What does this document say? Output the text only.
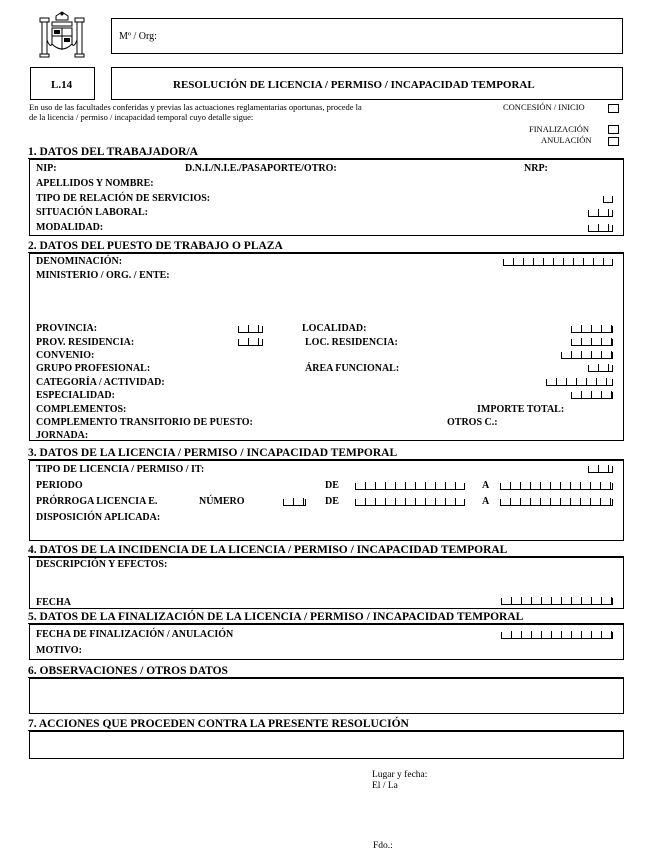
Mº / Org:
L.14	RESOLUCIÓN DE LICENCIA / PERMISO / INCAPACIDAD TEMPORAL
En uso de las facultades conferidas y previas las actuaciones reglamentarias oportunas, procede la
de la licencia / permiso / incapacidad temporal cuyo detalle sigue:
CONCESIÓN / INICIO
FINALIZACIÓN
ANULACIÓN
1. DATOS DEL TRABAJADOR/A
NIP:	D.N.I./N.I.E./PASAPORTE/OTRO:	NRP:
APELLIDOS Y NOMBRE:
TIPO DE RELACIÓN DE SERVICIOS:
SITUACIÓN LABORAL:
MODALIDAD:
2. DATOS DEL PUESTO DE TRABAJO O PLAZA
DENOMINACIÓN:
MINISTERIO / ORG. / ENTE:
PROVINCIA:	LOCALIDAD:
PROV. RESIDENCIA:	LOC. RESIDENCIA:
CONVENIO:
GRUPO PROFESIONAL:	ÁREA FUNCIONAL:
CATEGORÍA / ACTIVIDAD:
ESPECIALIDAD:
COMPLEMENTOS:	IMPORTE TOTAL:
COMPLEMENTO TRANSITORIO DE PUESTO:	OTROS C.:
JORNADA:
3. DATOS DE LA LICENCIA / PERMISO / INCAPACIDAD TEMPORAL
TIPO DE LICENCIA / PERMISO / IT:
PERIODO	DE	A
PRÓRROGA LICENCIA E.	NÚMERO	DE	A
DISPOSICIÓN APLICADA:
4. DATOS DE LA INCIDENCIA DE LA LICENCIA / PERMISO / INCAPACIDAD TEMPORAL
DESCRIPCIÓN Y EFECTOS:
FECHA
5. DATOS DE LA FINALIZACIÓN DE LA LICENCIA / PERMISO / INCAPACIDAD TEMPORAL
FECHA DE FINALIZACIÓN / ANULACIÓN
MOTIVO:
6. OBSERVACIONES / OTROS DATOS
7. ACCIONES QUE PROCEDEN CONTRA LA PRESENTE RESOLUCIÓN
Lugar y fecha:
El / La
Fdo.:
